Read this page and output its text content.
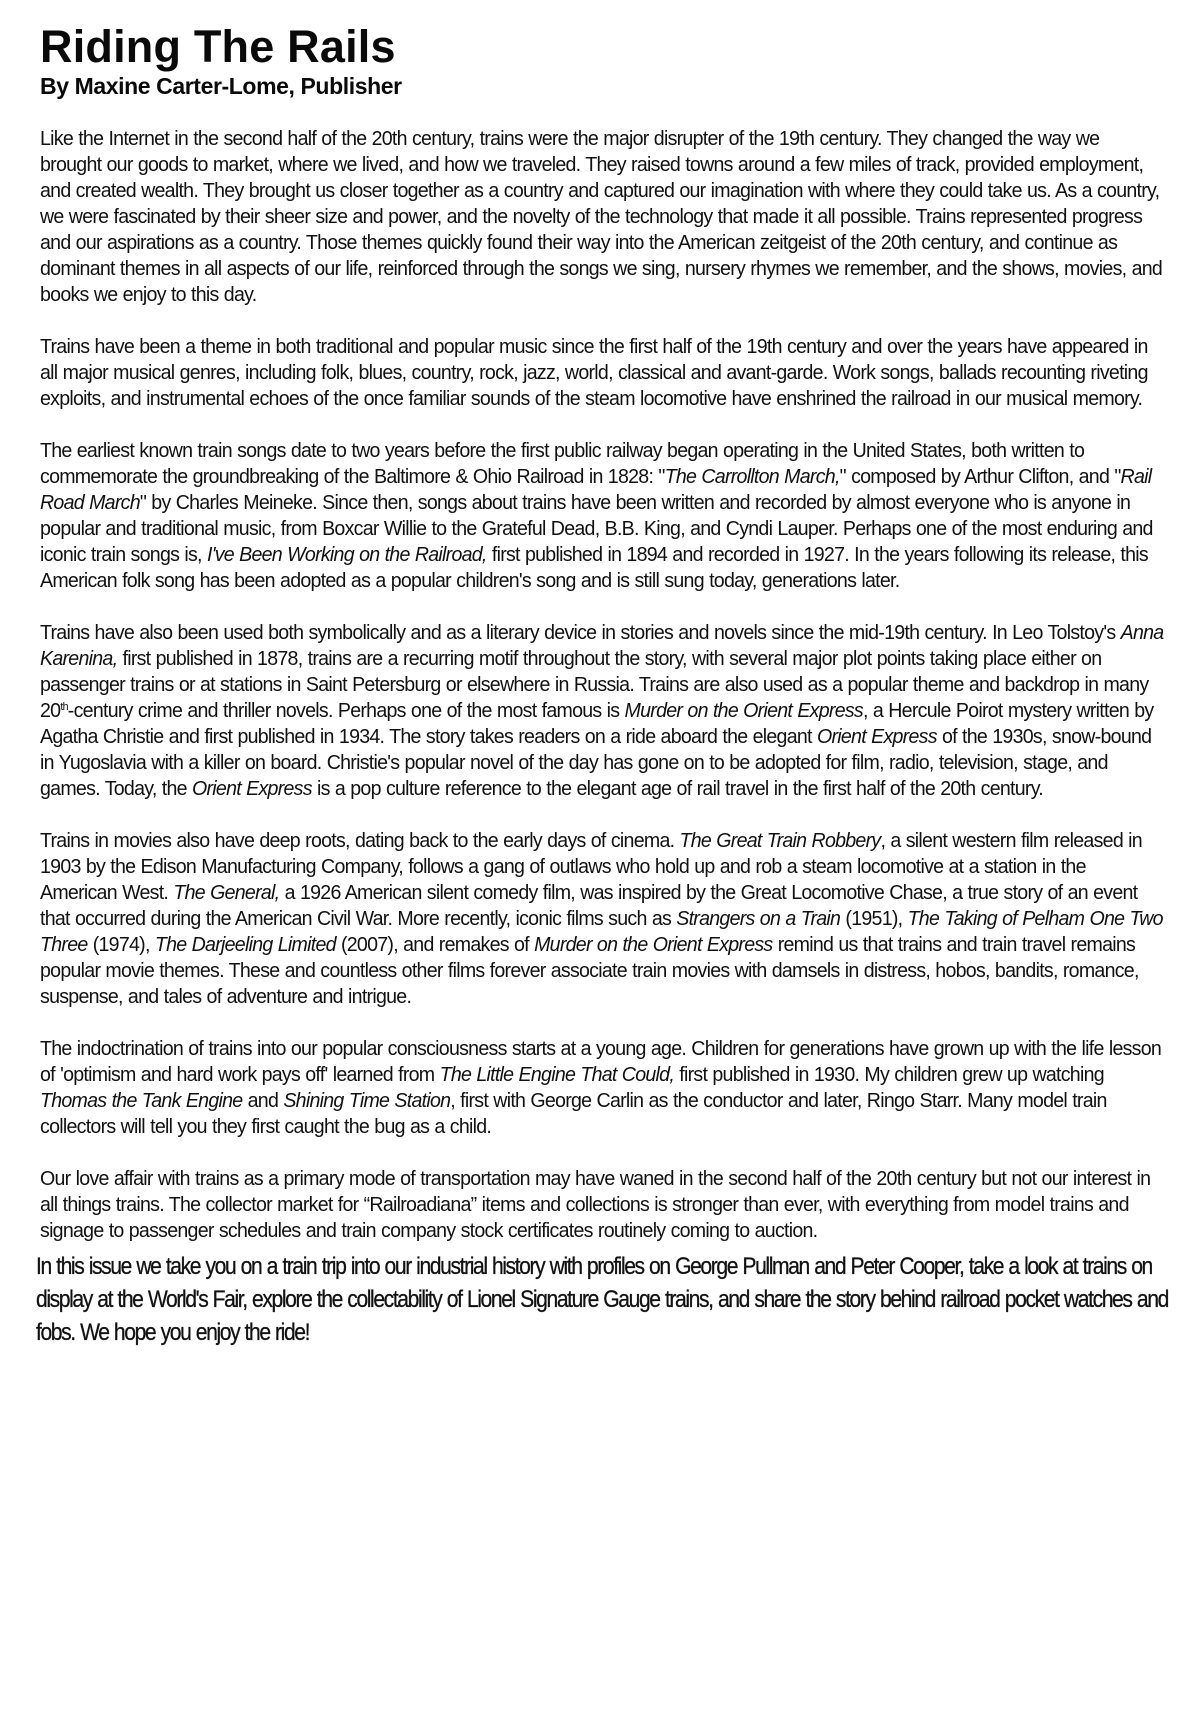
Riding The Rails
By Maxine Carter-Lome, Publisher

Like the Internet in the second half of the 20th century, trains were the major disrupter of the 19th century. They changed the way we brought our goods to market, where we lived, and how we traveled. They raised towns around a few miles of track, provided employment, and created wealth. They brought us closer together as a country and captured our imagination with where they could take us. As a country, we were fascinated by their sheer size and power, and the novelty of the technology that made it all possible. Trains represented progress and our aspirations as a country. Those themes quickly found their way into the American zeitgeist of the 20th century, and continue as dominant themes in all aspects of our life, reinforced through the songs we sing, nursery rhymes we remember, and the shows, movies, and books we enjoy to this day.

Trains have been a theme in both traditional and popular music since the first half of the 19th century and over the years have appeared in all major musical genres, including folk, blues, country, rock, jazz, world, classical and avant-garde. Work songs, ballads recounting riveting exploits, and instrumental echoes of the once familiar sounds of the steam locomotive have enshrined the railroad in our musical memory.

The earliest known train songs date to two years before the first public railway began operating in the United States, both written to commemorate the groundbreaking of the Baltimore & Ohio Railroad in 1828: "The Carrollton March," composed by Arthur Clifton, and "Rail Road March" by Charles Meineke. Since then, songs about trains have been written and recorded by almost everyone who is anyone in popular and traditional music, from Boxcar Willie to the Grateful Dead, B.B. King, and Cyndi Lauper. Perhaps one of the most enduring and iconic train songs is, I've Been Working on the Railroad, first published in 1894 and recorded in 1927. In the years following its release, this American folk song has been adopted as a popular children's song and is still sung today, generations later.

Trains have also been used both symbolically and as a literary device in stories and novels since the mid-19th century. In Leo Tolstoy's Anna Karenina, first published in 1878, trains are a recurring motif throughout the story, with several major plot points taking place either on passenger trains or at stations in Saint Petersburg or elsewhere in Russia. Trains are also used as a popular theme and backdrop in many 20th-century crime and thriller novels. Perhaps one of the most famous is Murder on the Orient Express, a Hercule Poirot mystery written by Agatha Christie and first published in 1934. The story takes readers on a ride aboard the elegant Orient Express of the 1930s, snow-bound in Yugoslavia with a killer on board. Christie's popular novel of the day has gone on to be adopted for film, radio, television, stage, and games. Today, the Orient Express is a pop culture reference to the elegant age of rail travel in the first half of the 20th century.

Trains in movies also have deep roots, dating back to the early days of cinema. The Great Train Robbery, a silent western film released in 1903 by the Edison Manufacturing Company, follows a gang of outlaws who hold up and rob a steam locomotive at a station in the American West. The General, a 1926 American silent comedy film, was inspired by the Great Locomotive Chase, a true story of an event that occurred during the American Civil War. More recently, iconic films such as Strangers on a Train (1951), The Taking of Pelham One Two Three (1974), The Darjeeling Limited (2007), and remakes of Murder on the Orient Express remind us that trains and train travel remains popular movie themes. These and countless other films forever associate train movies with damsels in distress, hobos, bandits, romance, suspense, and tales of adventure and intrigue.

The indoctrination of trains into our popular consciousness starts at a young age. Children for generations have grown up with the life lesson of 'optimism and hard work pays off' learned from The Little Engine That Could, first published in 1930. My children grew up watching Thomas the Tank Engine and Shining Time Station, first with George Carlin as the conductor and later, Ringo Starr. Many model train collectors will tell you they first caught the bug as a child.

Our love affair with trains as a primary mode of transportation may have waned in the second half of the 20th century but not our interest in all things trains. The collector market for “Railroadiana” items and collections is stronger than ever, with everything from model trains and signage to passenger schedules and train company stock certificates routinely coming to auction.

In this issue we take you on a train trip into our industrial history with profiles on George Pullman and Peter Cooper, take a look at trains on display at the World's Fair, explore the collectability of Lionel Signature Gauge trains, and share the story behind railroad pocket watches and fobs. We hope you enjoy the ride!
